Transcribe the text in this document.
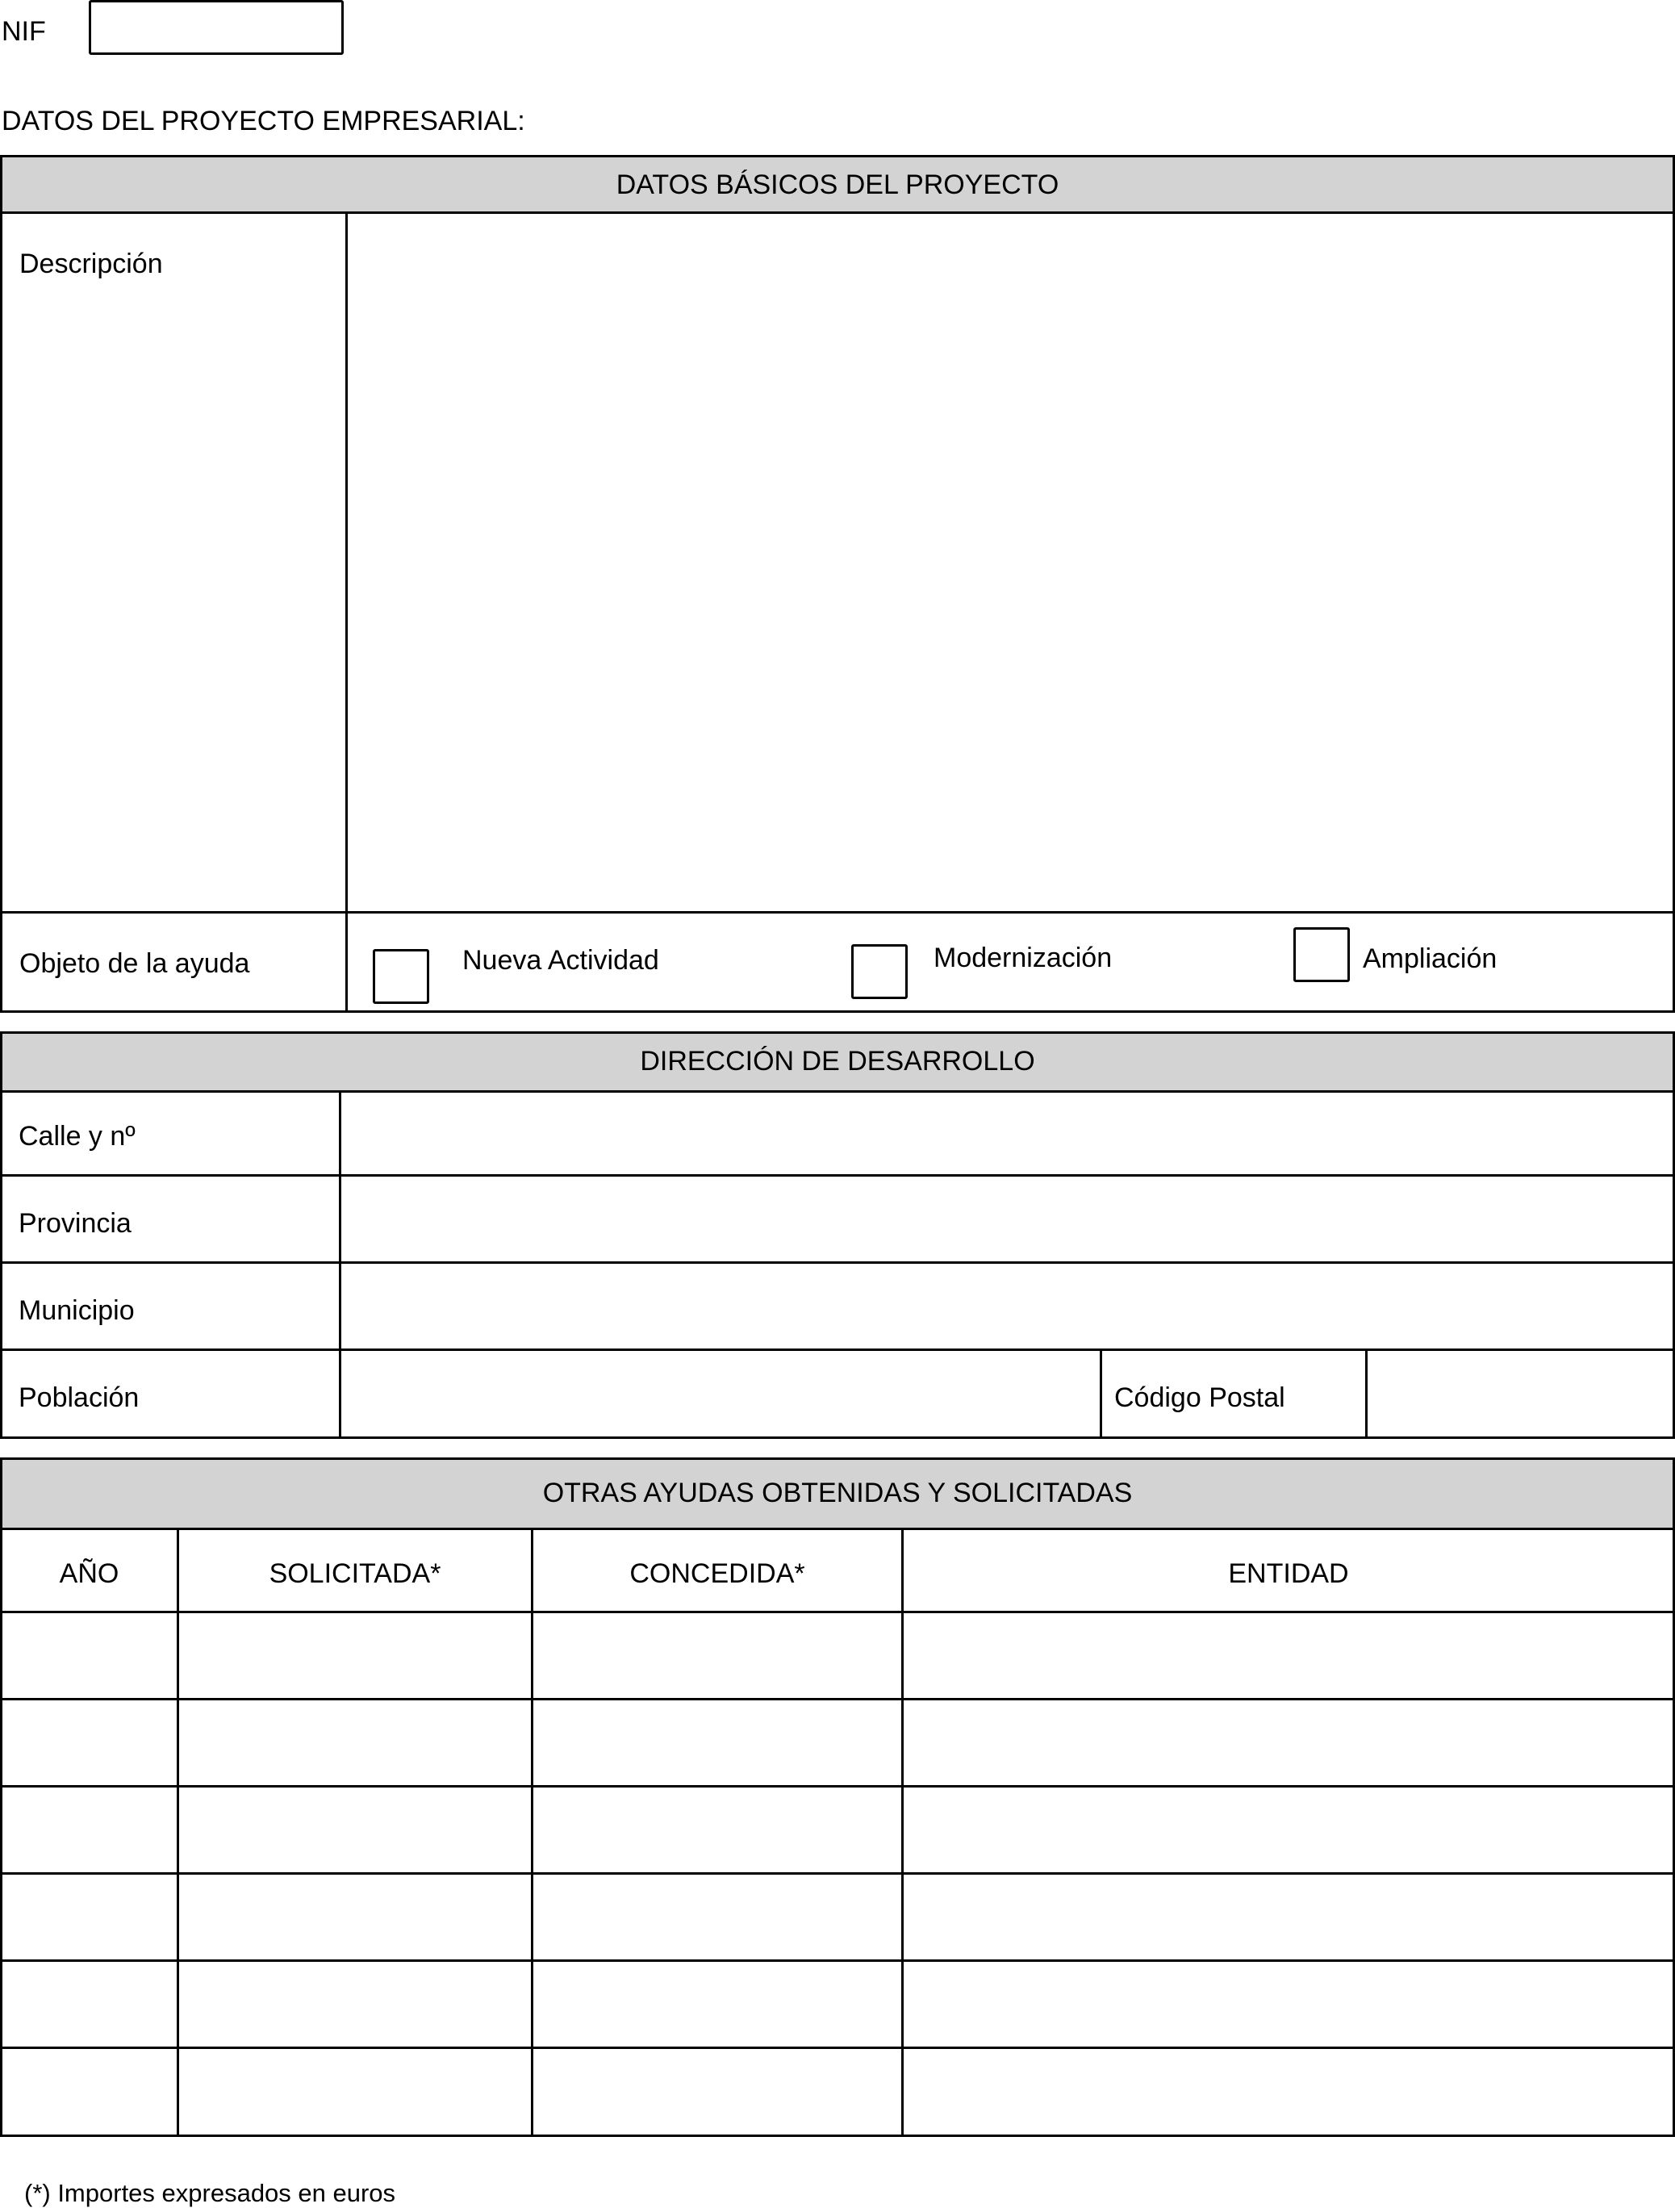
NIF
DATOS DEL PROYECTO EMPRESARIAL:
DATOS BÁSICOS DEL PROYECTO
Descripción
Objeto de la ayuda	Nueva Actividad	Modernización	Ampliación
DIRECCIÓN DE DESARROLLO
Calle y nº
Provincia
Municipio
Población	Código Postal
OTRAS AYUDAS OBTENIDAS Y SOLICITADAS
AÑO	SOLICITADA*	CONCEDIDA*	ENTIDAD
(*) Importes expresados en euros
